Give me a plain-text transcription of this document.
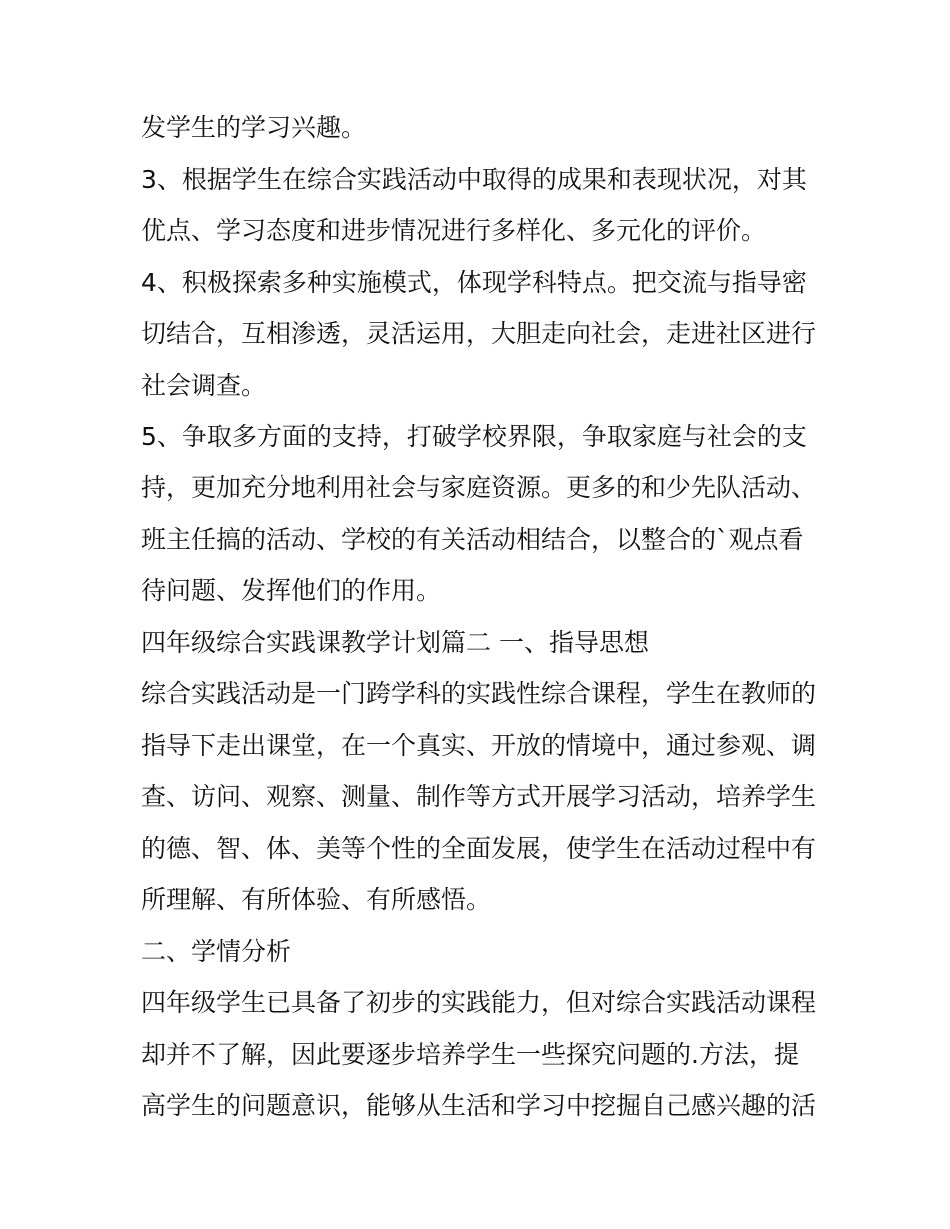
发学生的学习兴趣。
3、根据学生在综合实践活动中取得的成果和表现状况，对其
优点、学习态度和进步情况进行多样化、多元化的评价。
4、积极探索多种实施模式，体现学科特点。把交流与指导密
切结合，互相渗透，灵活运用，大胆走向社会，走进社区进行
社会调查。
5、争取多方面的支持，打破学校界限，争取家庭与社会的支
持，更加充分地利用社会与家庭资源。更多的和少先队活动、
班主任搞的活动、学校的有关活动相结合，以整合的`观点看
待问题、发挥他们的作用。
四年级综合实践课教学计划篇二 一、指导思想
综合实践活动是一门跨学科的实践性综合课程，学生在教师的
指导下走出课堂，在一个真实、开放的情境中，通过参观、调
查、访问、观察、测量、制作等方式开展学习活动，培养学生
的德、智、体、美等个性的全面发展，使学生在活动过程中有
所理解、有所体验、有所感悟。
二、学情分析
四年级学生已具备了初步的实践能力，但对综合实践活动课程
却并不了解，因此要逐步培养学生一些探究问题的.方法，提
高学生的问题意识，能够从生活和学习中挖掘自己感兴趣的活
